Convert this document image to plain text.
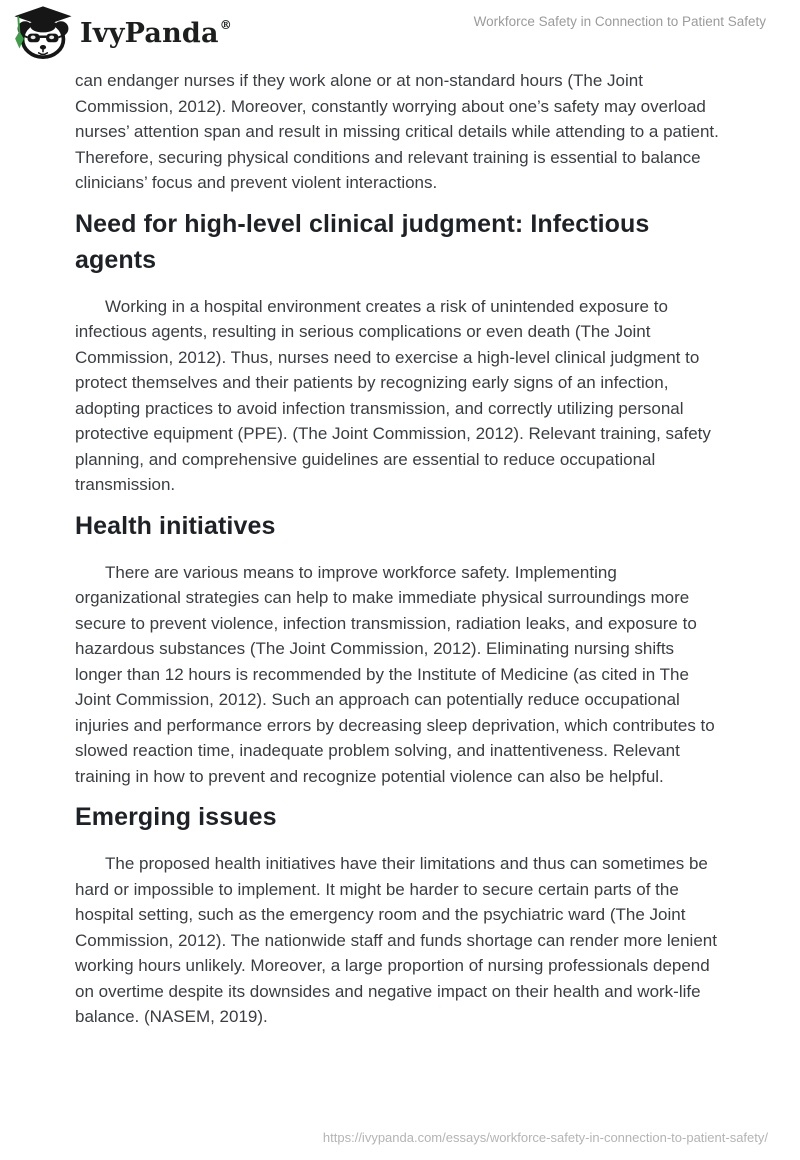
IvyPanda ®	Workforce Safety in Connection to Patient Safety

can endanger nurses if they work alone or at non-standard hours (The Joint Commission, 2012). Moreover, constantly worrying about one’s safety may overload nurses’ attention span and result in missing critical details while attending to a patient. Therefore, securing physical conditions and relevant training is essential to balance clinicians’ focus and prevent violent interactions.

Need for high-level clinical judgment: Infectious agents

Working in a hospital environment creates a risk of unintended exposure to infectious agents, resulting in serious complications or even death (The Joint Commission, 2012). Thus, nurses need to exercise a high-level clinical judgment to protect themselves and their patients by recognizing early signs of an infection, adopting practices to avoid infection transmission, and correctly utilizing personal protective equipment (PPE). (The Joint Commission, 2012). Relevant training, safety planning, and comprehensive guidelines are essential to reduce occupational transmission.

Health initiatives

There are various means to improve workforce safety. Implementing organizational strategies can help to make immediate physical surroundings more secure to prevent violence, infection transmission, radiation leaks, and exposure to hazardous substances (The Joint Commission, 2012). Eliminating nursing shifts longer than 12 hours is recommended by the Institute of Medicine (as cited in The Joint Commission, 2012). Such an approach can potentially reduce occupational injuries and performance errors by decreasing sleep deprivation, which contributes to slowed reaction time, inadequate problem solving, and inattentiveness. Relevant training in how to prevent and recognize potential violence can also be helpful.

Emerging issues

The proposed health initiatives have their limitations and thus can sometimes be hard or impossible to implement. It might be harder to secure certain parts of the hospital setting, such as the emergency room and the psychiatric ward (The Joint Commission, 2012). The nationwide staff and funds shortage can render more lenient working hours unlikely. Moreover, a large proportion of nursing professionals depend on overtime despite its downsides and negative impact on their health and work-life balance. (NASEM, 2019).

https://ivypanda.com/essays/workforce-safety-in-connection-to-patient-safety/
